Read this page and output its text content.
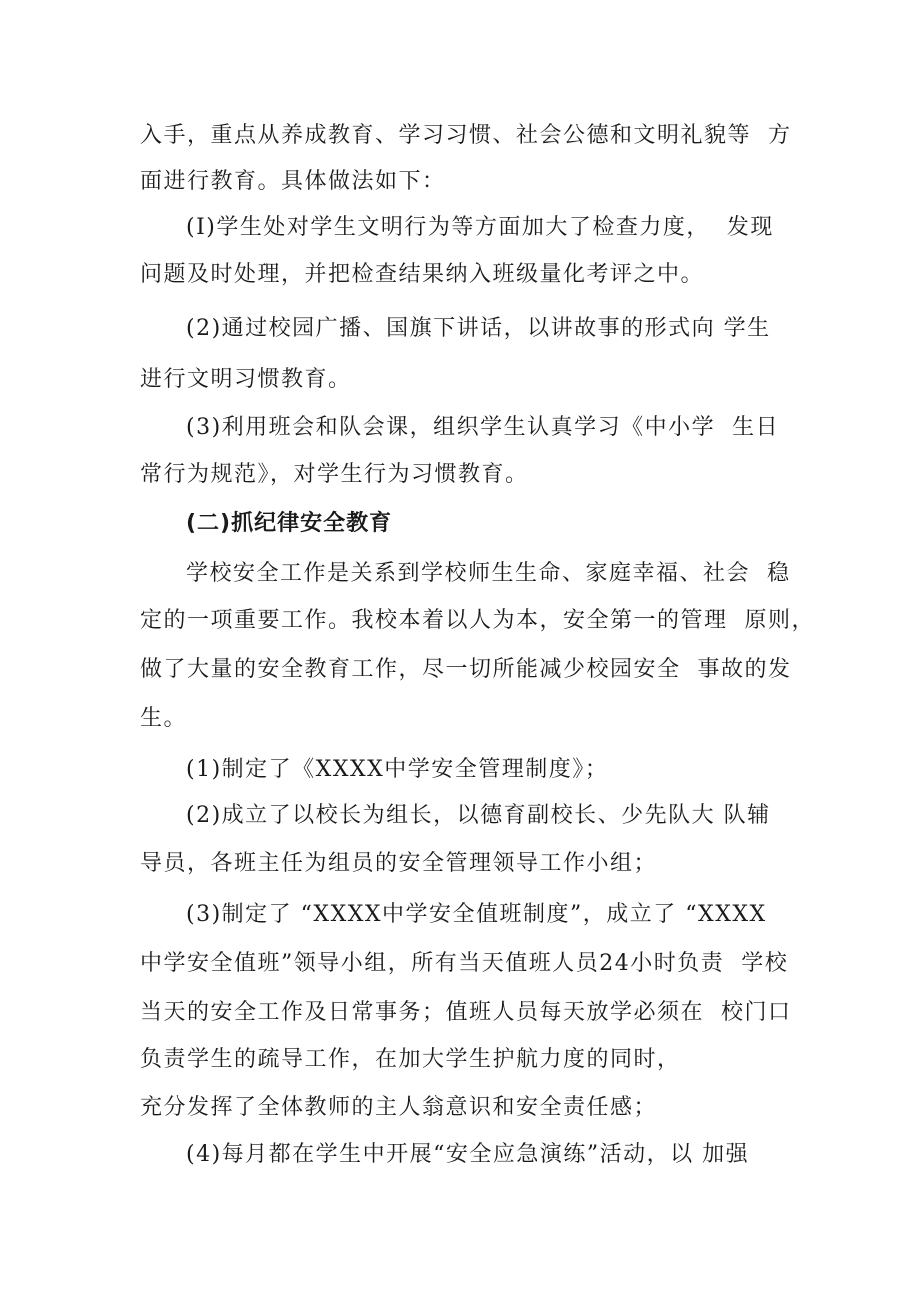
入手，重点从养成教育、学习习惯、社会公德和文明礼貌等  方
面进行教育。具体做法如下：
(I)学生处对学生文明行为等方面加大了检查力度，  发现
问题及时处理，并把检查结果纳入班级量化考评之中。
(2)通过校园广播、国旗下讲话，以讲故事的形式向 学生
进行文明习惯教育。
(3)利用班会和队会课，组织学生认真学习《中小学  生日
常行为规范》，对学生行为习惯教育。
(二)抓纪律安全教育
学校安全工作是关系到学校师生生命、家庭幸福、社会  稳
定的一项重要工作。我校本着以人为本，安全第一的管理  原则，
做了大量的安全教育工作，尽一切所能减少校园安全  事故的发
生。
(1)制定了《XXXX中学安全管理制度》；
(2)成立了以校长为组长，以德育副校长、少先队大 队辅
导员，各班主任为组员的安全管理领导工作小组；
(3)制定了 “XXXX中学安全值班制度”，成立了 “XXXX
中学安全值班”领导小组，所有当天值班人员24小时负责  学校
当天的安全工作及日常事务；值班人员每天放学必须在  校门口
负责学生的疏导工作，在加大学生护航力度的同时，
充分发挥了全体教师的主人翁意识和安全责任感；
(4)每月都在学生中开展“安全应急演练”活动，以 加强
